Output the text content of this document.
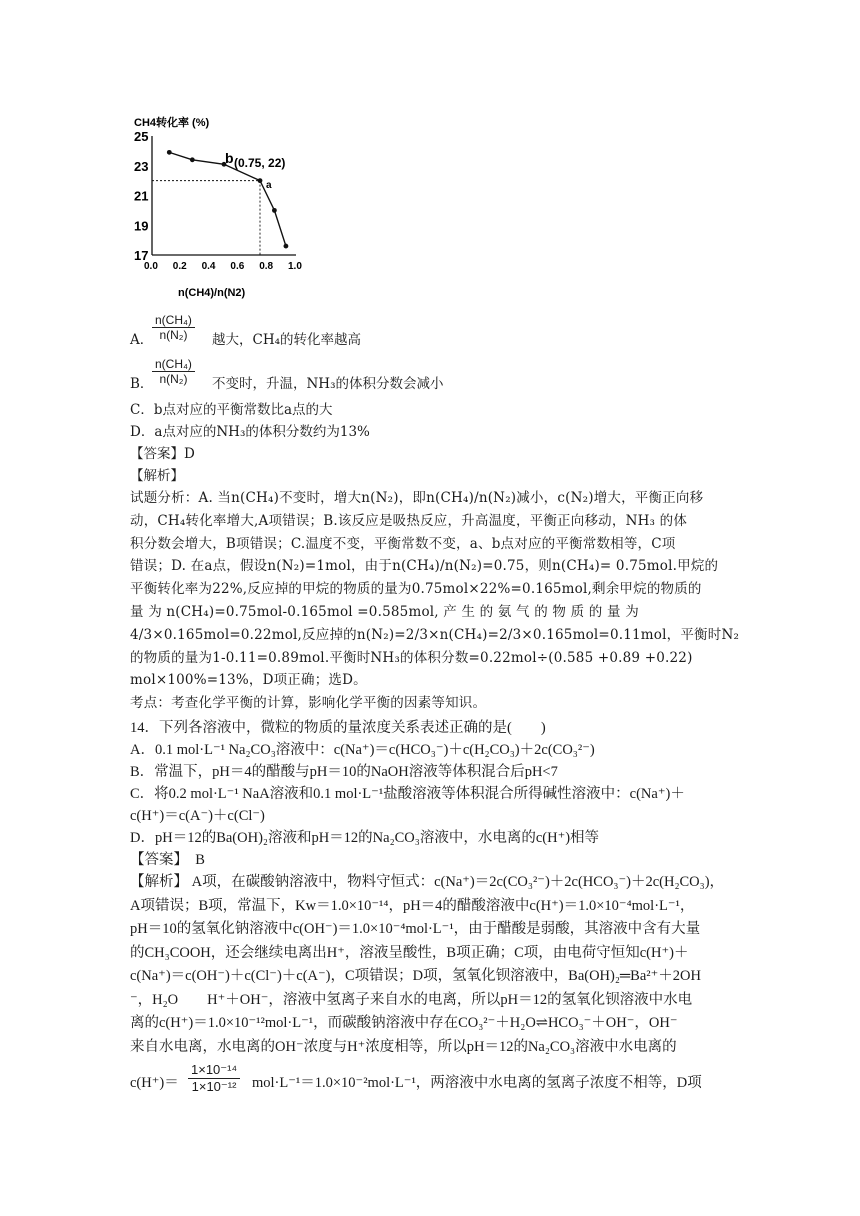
CH4转化率 (%)
0.0 0.2 0.4 0.6 0.8 1.0
25
23
21
19
17
b (0.75, 22)
a
n(CH4)/n(N2)
A．
$\frac{\text{n(CH₄)}}{\text{n(N₂)}}$ 越大，CH₄的转化率越高
B．
$\frac{\text{n(CH₄)}}{\text{n(N₂)}}$ 不变时，升温，NH₃的体积分数会减小
C．b点对应的平衡常数比a点的大
D．a点对应的NH₃的体积分数约为13%
【答案】D
【解析】
试题分析：A. 当n(CH₄)不变时，增大n(N₂)，即n(CH₄)/n(N₂)减小，c(N₂)增大，平衡正向移
动，CH₄转化率增大,A项错误；B.该反应是吸热反应，升高温度，平衡正向移动，NH₃ 的体
积分数会增大，B项错误；C.温度不变，平衡常数不变，a、b点对应的平衡常数相等，C项
错误；D. 在a点，假设n(N₂)=1mol，由于n(CH₄)/n(N₂)=0.75，则n(CH₄)= 0.75mol.甲烷的
平衡转化率为22%,反应掉的甲烷的物质的量为0.75mol×22%=0.165mol,剩余甲烷的物质的
量 为 n(CH₄)=0.75mol-0.165mol =0.585mol, 产 生 的 氨 气 的 物 质 的 量 为
4/3×0.165mol=0.22mol,反应掉的n(N₂)=2/3×n(CH₄)=2/3×0.165mol=0.11mol，平衡时N₂
的物质的量为1-0.11=0.89mol.平衡时NH₃的体积分数=0.22mol÷(0.585 +0.89 +0.22)
mol×100%=13%，D项正确；选D。
考点：考查化学平衡的计算，影响化学平衡的因素等知识。
14．下列各溶液中，微粒的物质的量浓度关系表述正确的是(　　)
A．0.1 mol·L⁻¹ Na₂CO₃溶液中：c(Na⁺)＝c(HCO₃⁻)＋c(H₂CO₃)＋2c(CO₃²⁻)
B．常温下，pH＝4的醋酸与pH＝10的NaOH溶液等体积混合后pH<7
C．将0.2 mol·L⁻¹ NaA溶液和0.1 mol·L⁻¹盐酸溶液等体积混合所得碱性溶液中：c(Na⁺)＋
c(H⁺)＝c(A⁻)＋c(Cl⁻)
D．pH＝12的Ba(OH)₂溶液和pH＝12的Na₂CO₃溶液中，水电离的c(H⁺)相等
【答案】　B
【解析】 A项，在碳酸钠溶液中，物料守恒式：c(Na⁺)＝2c(CO₃²⁻)＋2c(HCO₃⁻)＋2c(H₂CO₃)，
A项错误；B项，常温下，Kw＝1.0×10⁻¹⁴，pH＝4的醋酸溶液中c(H⁺)＝1.0×10⁻⁴mol·L⁻¹，
pH＝10的氢氧化钠溶液中c(OH⁻)＝1.0×10⁻⁴mol·L⁻¹，由于醋酸是弱酸，其溶液中含有大量
的CH₃COOH，还会继续电离出H⁺，溶液呈酸性，B项正确；C项，由电荷守恒知c(H⁺)＋
c(Na⁺)＝c(OH⁻)＋c(Cl⁻)＋c(A⁻)，C项错误；D项，氢氧化钡溶液中，Ba(OH)₂═Ba²⁺＋2OH
⁻，H₂O　　H⁺＋OH⁻，溶液中氢离子来自水的电离，所以pH＝12的氢氧化钡溶液中水电
离的c(H⁺)＝1.0×10⁻¹²mol·L⁻¹，而碳酸钠溶液中存在CO₃²⁻＋H₂O⇌HCO₃⁻＋OH⁻，OH⁻
来自水电离，水电离的OH⁻浓度与H⁺浓度相等，所以pH＝12的Na₂CO₃溶液中水电离的
$c(H^+)= \frac{\text{1×10⁻¹⁴}}{\text{1×10⁻¹²}} mol\cdot L^{-1}=1.0\times 10^{-2}mol\cdot L^{-1}$，两溶液中水电离的氢离子浓度不相等，D项
